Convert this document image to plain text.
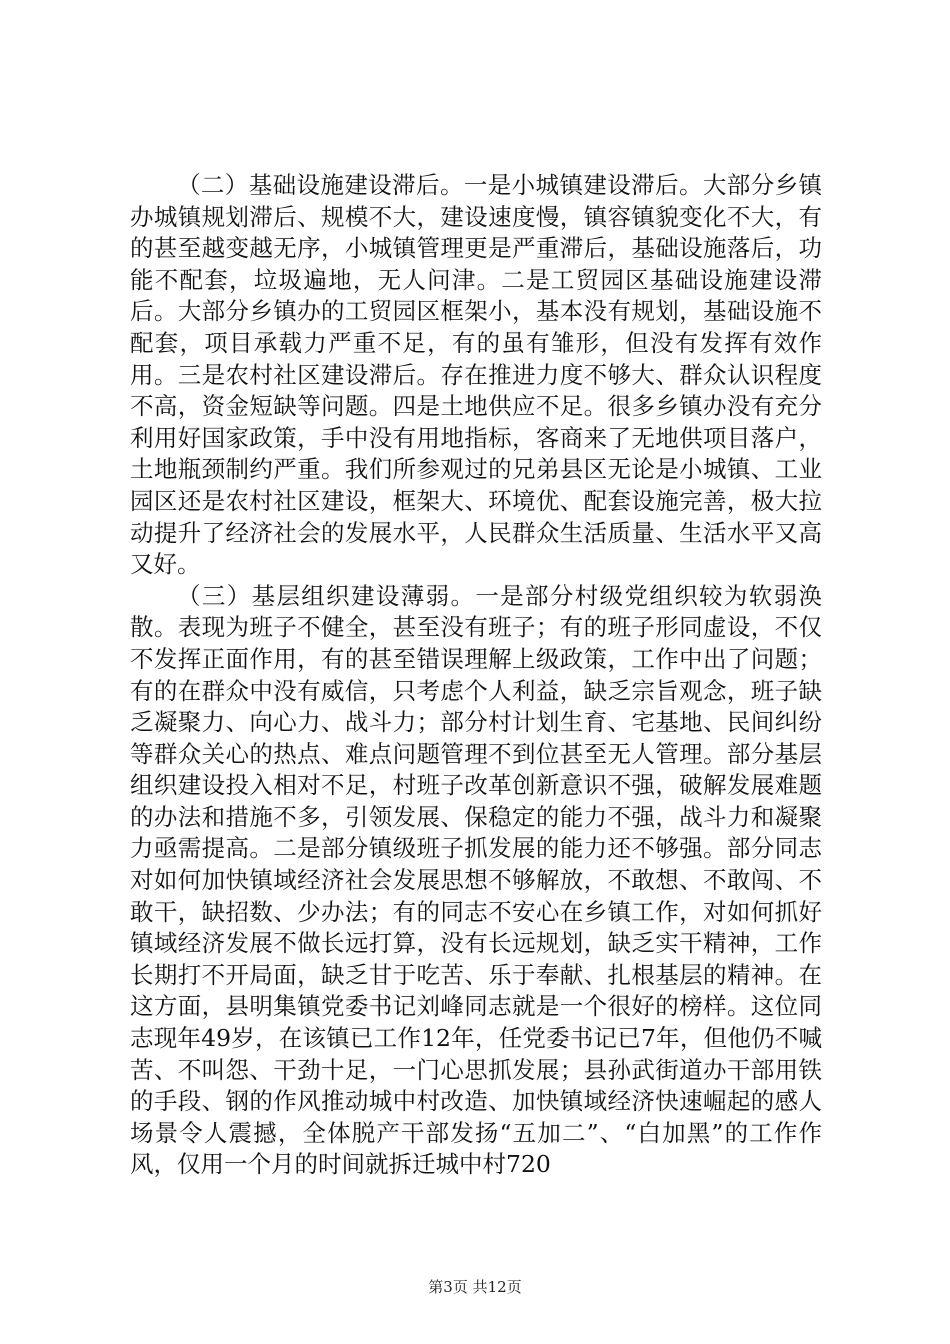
（二）基础设施建设滞后。一是小城镇建设滞后。大部分乡镇办城镇规划滞后、规模不大，建设速度慢，镇容镇貌变化不大，有的甚至越变越无序，小城镇管理更是严重滞后，基础设施落后，功能不配套，垃圾遍地，无人问津。二是工贸园区基础设施建设滞后。大部分乡镇办的工贸园区框架小，基本没有规划，基础设施不配套，项目承载力严重不足，有的虽有雏形，但没有发挥有效作用。三是农村社区建设滞后。存在推进力度不够大、群众认识程度不高，资金短缺等问题。四是土地供应不足。很多乡镇办没有充分利用好国家政策，手中没有用地指标，客商来了无地供项目落户，土地瓶颈制约严重。我们所参观过的兄弟县区无论是小城镇、工业园区还是农村社区建设，框架大、环境优、配套设施完善，极大拉动提升了经济社会的发展水平，人民群众生活质量、生活水平又高又好。

（三）基层组织建设薄弱。一是部分村级党组织较为软弱涣散。表现为班子不健全，甚至没有班子；有的班子形同虚设，不仅不发挥正面作用，有的甚至错误理解上级政策，工作中出了问题；有的在群众中没有威信，只考虑个人利益，缺乏宗旨观念，班子缺乏凝聚力、向心力、战斗力；部分村计划生育、宅基地、民间纠纷等群众关心的热点、难点问题管理不到位甚至无人管理。部分基层组织建设投入相对不足，村班子改革创新意识不强，破解发展难题的办法和措施不多，引领发展、保稳定的能力不强，战斗力和凝聚力亟需提高。二是部分镇级班子抓发展的能力还不够强。部分同志对如何加快镇域经济社会发展思想不够解放，不敢想、不敢闯、不敢干，缺招数、少办法；有的同志不安心在乡镇工作，对如何抓好镇域经济发展不做长远打算，没有长远规划，缺乏实干精神，工作长期打不开局面，缺乏甘于吃苦、乐于奉献、扎根基层的精神。在这方面，县明集镇党委书记刘峰同志就是一个很好的榜样。这位同志现年49岁，在该镇已工作12年，任党委书记已7年，但他仍不喊苦、不叫怨、干劲十足，一门心思抓发展；县孙武街道办干部用铁的手段、钢的作风推动城中村改造、加快镇域经济快速崛起的感人场景令人震撼，全体脱产干部发扬“五加二”、“白加黑”的工作作风，仅用一个月的时间就拆迁城中村720

第3页 共12页
